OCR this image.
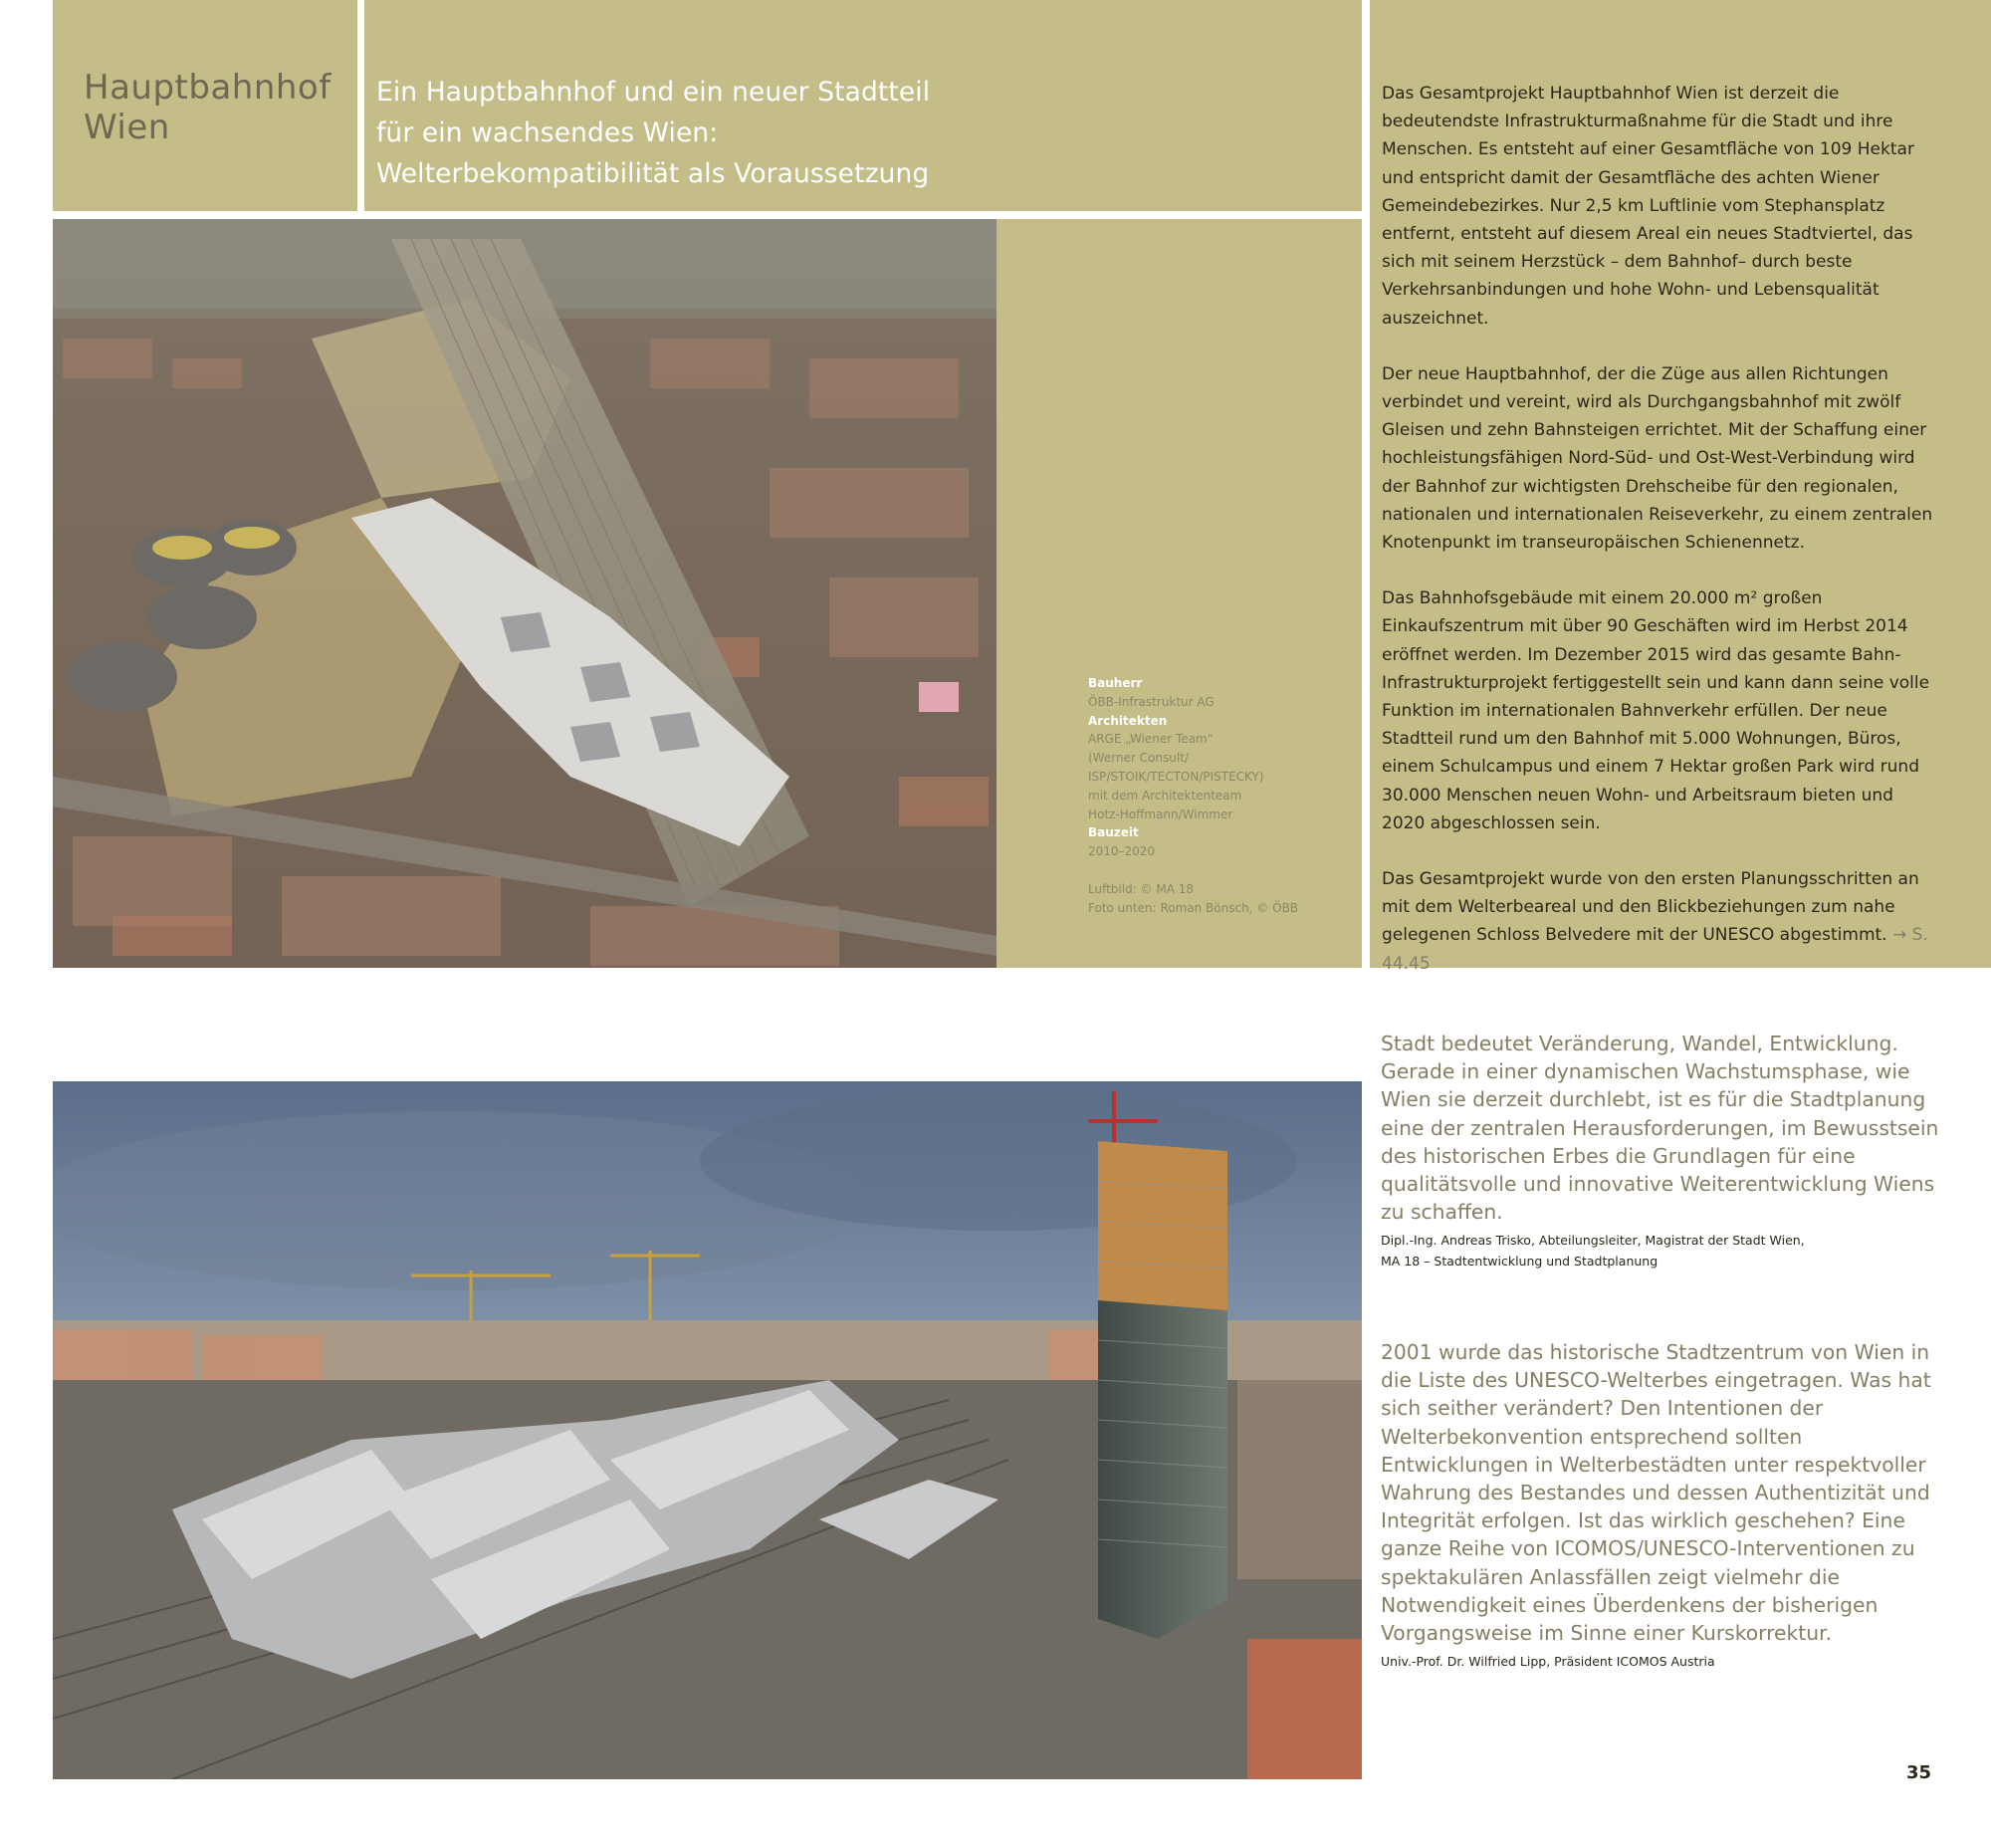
Hauptbahnhof
Wien
Ein Hauptbahnhof und ein neuer Stadtteil
für ein wachsendes Wien:
Welterbekompatibilität als Voraussetzung
Bauherr
ÖBB-Infrastruktur AG
Architekten
ARGE „Wiener Team“
(Werner Consult/
ISP/STOIK/TECTON/PISTECKY)
mit dem Architektenteam
Hotz-Hoffmann/Wimmer
Bauzeit
2010–2020
Luftbild: © MA 18
Foto unten: Roman Bönsch, © ÖBB

Das Gesamtprojekt Hauptbahnhof Wien ist derzeit die bedeutendste Infrastrukturmaßnahme für die Stadt und ihre Menschen. Es entsteht auf einer Gesamtfläche von 109 Hektar und entspricht damit der Gesamtfläche des achten Wiener Gemeindebezirkes. Nur 2,5 km Luftlinie vom Stephansplatz entfernt, entsteht auf diesem Areal ein neues Stadtviertel, das sich mit seinem Herzstück – dem Bahnhof– durch beste Verkehrsanbindungen und hohe Wohn- und Lebensqualität auszeichnet.

Der neue Hauptbahnhof, der die Züge aus allen Richtungen verbindet und vereint, wird als Durchgangsbahnhof mit zwölf Gleisen und zehn Bahnsteigen errichtet. Mit der Schaffung einer hochleistungsfähigen Nord-Süd- und Ost-West-Verbindung wird der Bahnhof zur wichtigsten Drehscheibe für den regionalen, nationalen und internationalen Reiseverkehr, zu einem zentralen Knotenpunkt im transeuropäischen Schienennetz.

Das Bahnhofsgebäude mit einem 20.000 m² großen Einkaufszentrum mit über 90 Geschäften wird im Herbst 2014 eröffnet werden. Im Dezember 2015 wird das gesamte Bahn-Infrastrukturprojekt fertiggestellt sein und kann dann seine volle Funktion im internationalen Bahnverkehr erfüllen. Der neue Stadtteil rund um den Bahnhof mit 5.000 Wohnungen, Büros, einem Schulcampus und einem 7 Hektar großen Park wird rund 30.000 Menschen neuen Wohn- und Arbeitsraum bieten und 2020 abgeschlossen sein.

Das Gesamtprojekt wurde von den ersten Planungsschritten an mit dem Welterbeareal und den Blickbeziehungen zum nahe gelegenen Schloss Belvedere mit der UNESCO abgestimmt. → S. 44.45

Stadt bedeutet Veränderung, Wandel, Entwicklung. Gerade in einer dynamischen Wachstumsphase, wie Wien sie derzeit durchlebt, ist es für die Stadtplanung eine der zentralen Herausforderungen, im Bewusstsein des historischen Erbes die Grundlagen für eine qualitätsvolle und innovative Weiterentwicklung Wiens zu schaffen.
Dipl.-Ing. Andreas Trisko, Abteilungsleiter, Magistrat der Stadt Wien,
MA 18 – Stadtentwicklung und Stadtplanung
2001 wurde das historische Stadtzentrum von Wien in die Liste des UNESCO-Welterbes eingetragen. Was hat sich seither verändert? Den Intentionen der Welterbekonvention entsprechend sollten Entwicklungen in Welterbestädten unter respektvoller Wahrung des Bestandes und dessen Authentizität und Integrität erfolgen. Ist das wirklich geschehen? Eine ganze Reihe von ICOMOS/UNESCO-Interventionen zu spektakulären Anlassfällen zeigt vielmehr die Notwendigkeit eines Überdenkens der bisherigen Vorgangsweise im Sinne einer Kurskorrektur.
Univ.-Prof. Dr. Wilfried Lipp, Präsident ICOMOS Austria
35
